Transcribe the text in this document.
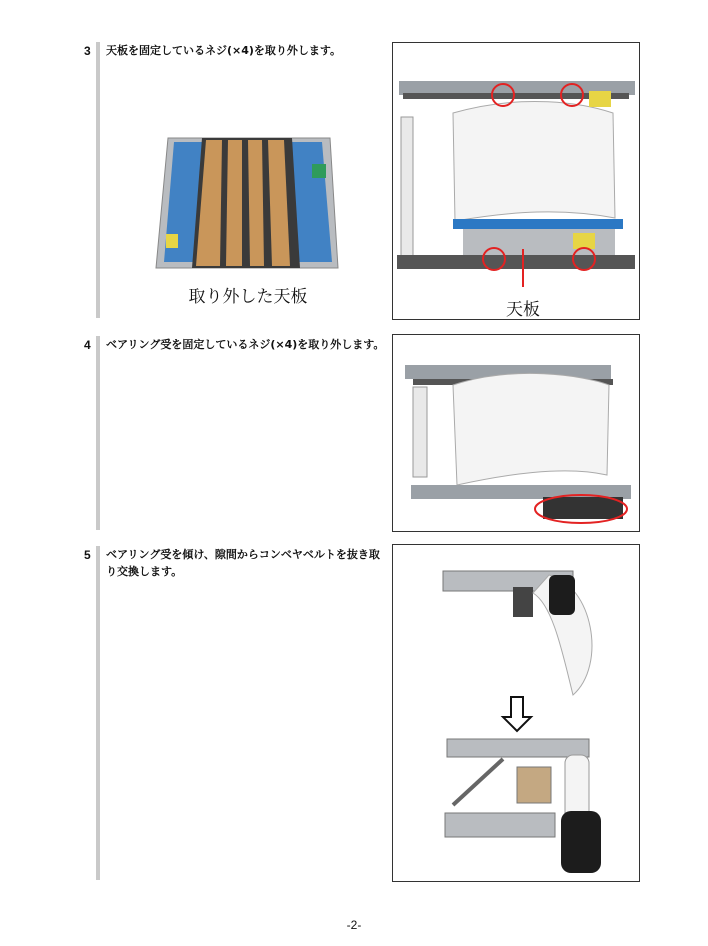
3 天板を固定しているネジ(×4)を取り外します。
取り外した天板
天板
4 ベアリング受を固定しているネジ(×4)を取り外します。
5 ベアリング受を傾け、隙間からコンベヤベルトを抜き取り交換します。
-2-
